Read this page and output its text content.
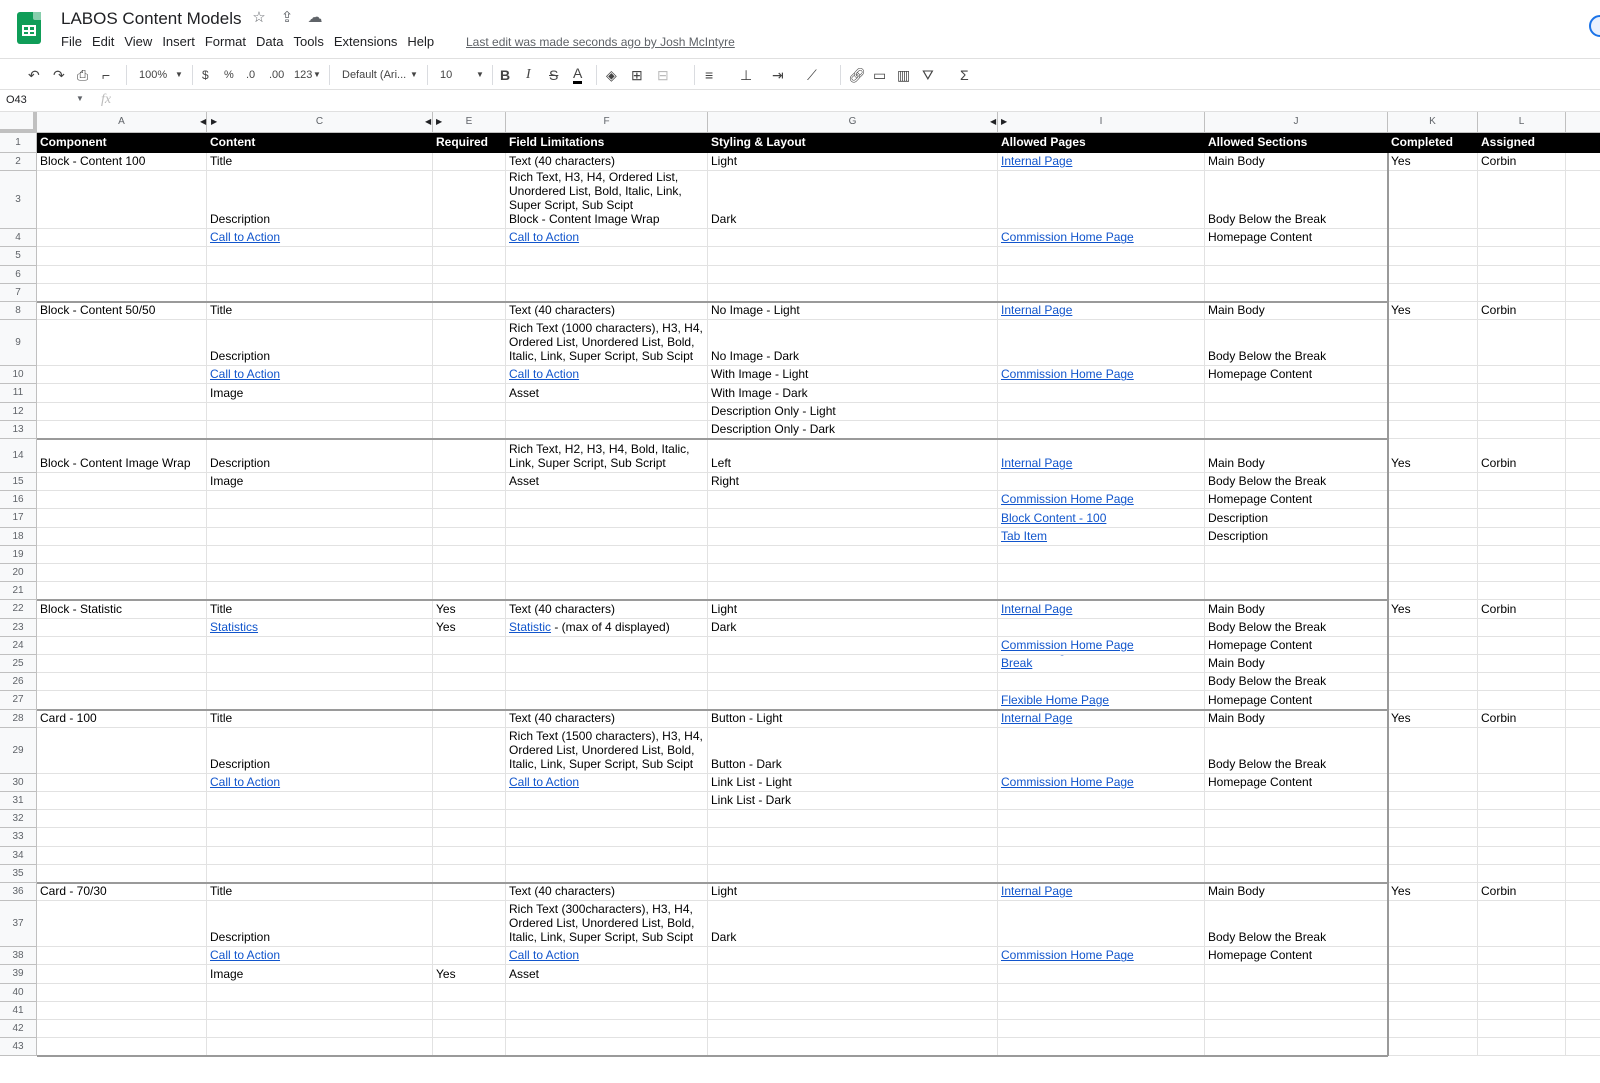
LABOS Content Models ☆ ⇪ ☁
File Edit View Insert Format Data Tools Extensions Help	Last edit was made seconds ago by Josh McIntyre
↶ ↷ ⎙ ⌐	100% ▼ $ % .0 .00 123 ▼ Default (Ari... ▼ 10	▼ B I S A ◈ ⊞ ⊟	≡ ⊥ ⇥ ⟋ 🔗︎ ▭ ▥ ⛛ Σ
O43	▼ fx
A	C	E	F	G	I	J	K	L
◀ ▶	◀ ▶	◀ ▶
1	Component	Content	Required	Field Limitations	Styling & Layout	Allowed Pages	Allowed Sections	Completed	Assigned
2	Block - Content 100	Title	Text (40 characters)	Light	Internal Page	Main Body	Yes	Corbin
3
Description
Rich Text, H3, H4, Ordered List,
Unordered List, Bold, Italic, Link,
Super Script, Sub Scipt
Block - Content Image Wrap	Dark	Body Below the Break
4	Call to Action	Call to Action	Commission Home Page	Homepage Content
5
6
7
8	Block - Content 50/50	Title	Text (40 characters)	No Image - Light	Internal Page	Main Body	Yes	Corbin
9
Description
Rich Text (1000 characters), H3, H4,
Ordered List, Unordered List, Bold,
Italic, Link, Super Script, Sub Scipt	No Image - Dark	Body Below the Break
10	Call to Action	Call to Action	With Image - Light	Commission Home Page	Homepage Content
11	Image	Asset	With Image - Dark
12	Description Only - Light
13	Description Only - Dark
14
Block - Content Image Wrap	Description
Rich Text, H2, H3, H4, Bold, Italic,
Link, Super Script, Sub Script	Left	Internal Page	Main Body	Yes	Corbin
15	Image	Asset	Right	Body Below the Break
16	Commission Home Page	Homepage Content
17	Block Content - 100	Description
18	Tab Item	Description
19
20
21
22	Block - Statistic	Title	Yes	Text (40 characters)	Light	Internal Page	Main Body	Yes	Corbin
23	Statistics	Yes	Statistic - (max of 4 displayed)	Dark	Body Below the Break
24	Commission Home Page	Homepage Content
25	Break	Main Body
26	Body Below the Break
27	Flexible Home Page	Homepage Content
28	Card - 100	Title	Text (40 characters)	Button - Light	Internal Page	Main Body	Yes	Corbin
29
Description
Rich Text (1500 characters), H3, H4,
Ordered List, Unordered List, Bold,
Italic, Link, Super Script, Sub Scipt	Button - Dark	Body Below the Break
30	Call to Action	Call to Action	Link List - Light	Commission Home Page	Homepage Content
31	Link List - Dark
32
33
34
35
36	Card - 70/30	Title	Text (40 characters)	Light	Internal Page	Main Body	Yes	Corbin
37
Description
Rich Text (300characters), H3, H4,
Ordered List, Unordered List, Bold,
Italic, Link, Super Script, Sub Scipt	Dark	Body Below the Break
38	Call to Action	Call to Action	Commission Home Page	Homepage Content
39	Image	Yes	Asset
40
41
42
43
